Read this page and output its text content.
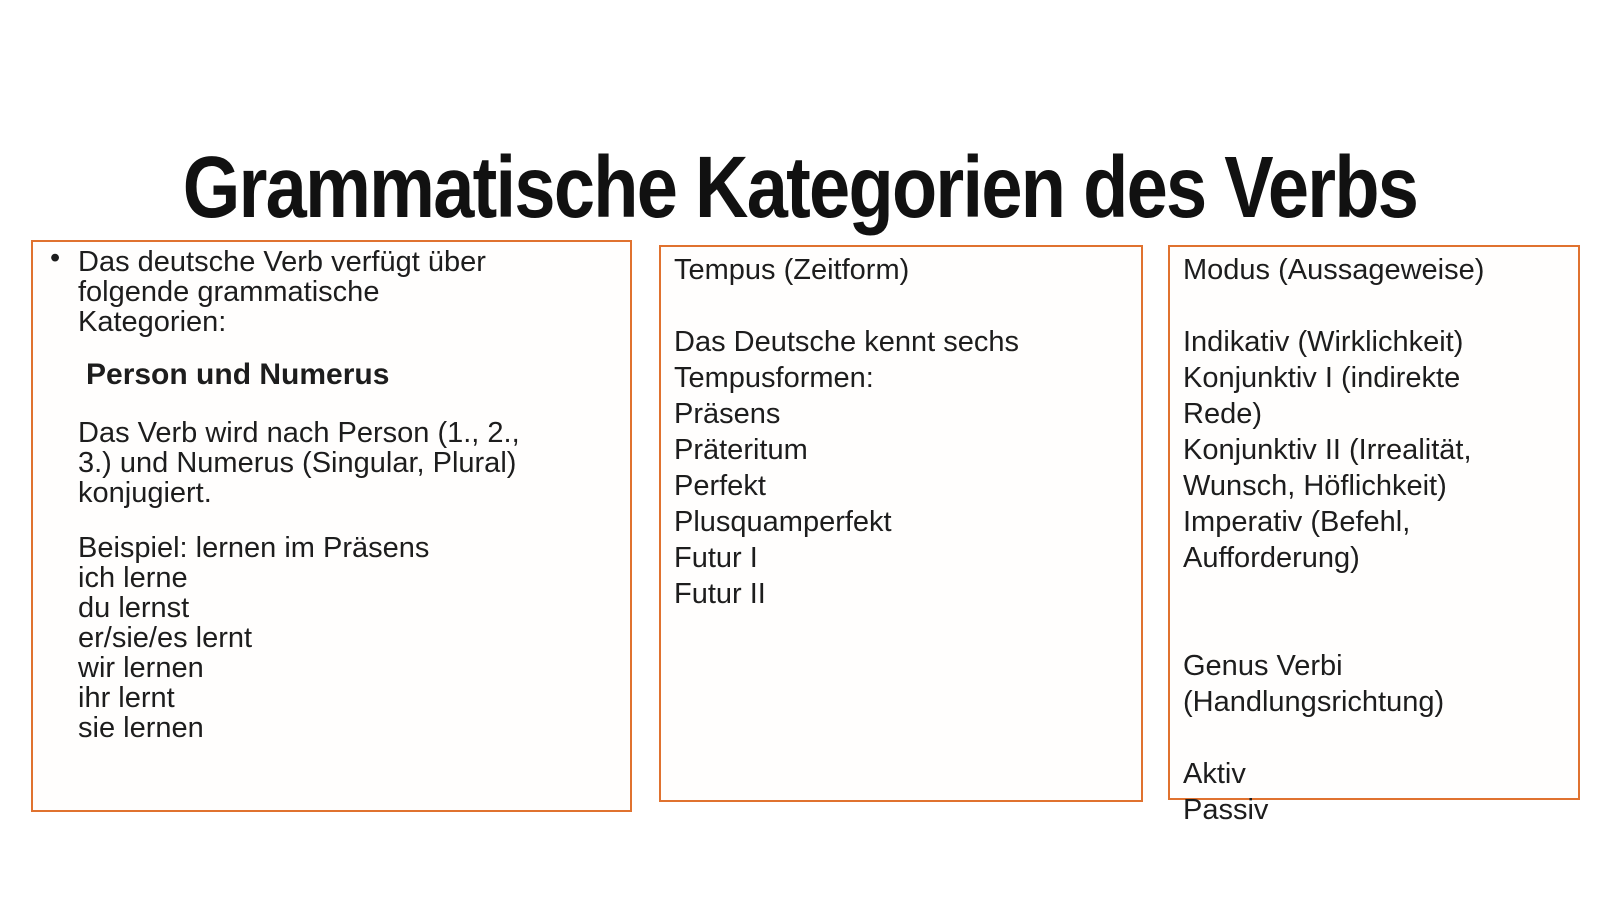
Grammatische Kategorien des Verbs
• Das deutsche Verb verfügt über
folgende grammatische
Kategorien:
Person und Numerus
Das Verb wird nach Person (1., 2.,
3.) und Numerus (Singular, Plural)
konjugiert.
Beispiel: lernen im Präsens
ich lerne
du lernst
er/sie/es lernt
wir lernen
ihr lernt
sie lernen
Tempus (Zeitform)
Das Deutsche kennt sechs
Tempusformen:
Präsens
Präteritum
Perfekt
Plusquamperfekt
Futur I
Futur II
Modus (Aussageweise)
Indikativ (Wirklichkeit)
Konjunktiv I (indirekte
Rede)
Konjunktiv II (Irrealität,
Wunsch, Höflichkeit)
Imperativ (Befehl,
Aufforderung)
Genus Verbi
(Handlungsrichtung)
Aktiv
Passiv
